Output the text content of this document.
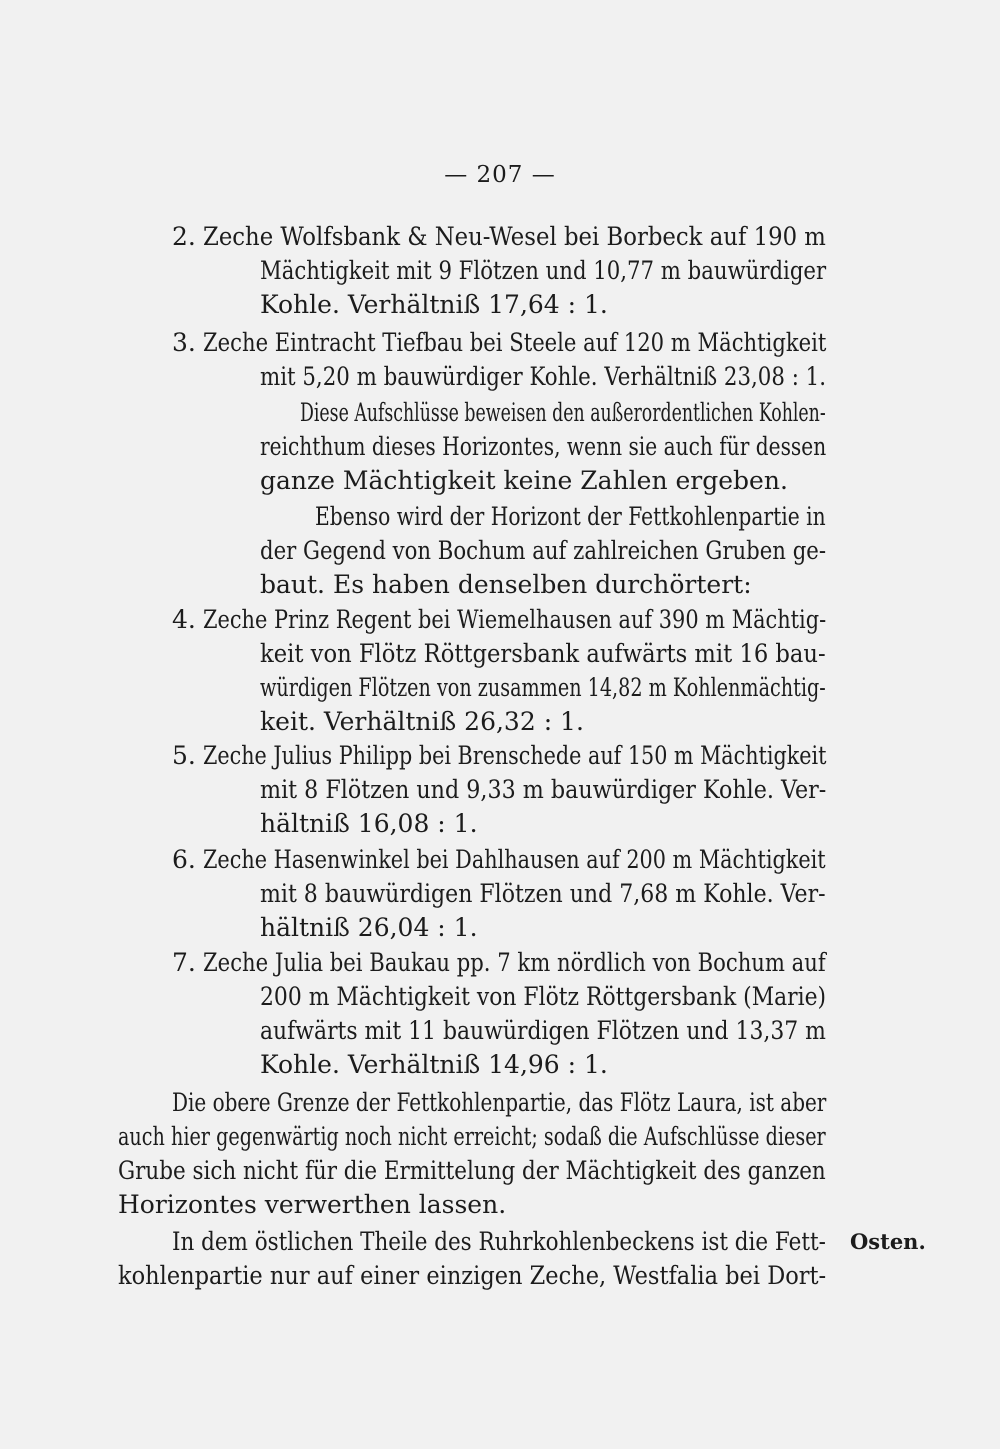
— 207 —
2. Zeche Wolfsbank & Neu-Wesel bei Borbeck auf 190 m
Mächtigkeit mit 9 Flötzen und 10,77 m bauwürdiger
Kohle. Verhältniß 17,64 : 1.
3. Zeche Eintracht Tiefbau bei Steele auf 120 m Mächtigkeit
mit 5,20 m bauwürdiger Kohle. Verhältniß 23,08 : 1.
Diese Aufschlüsse beweisen den außerordentlichen Kohlen-
reichthum dieses Horizontes, wenn sie auch für dessen
ganze Mächtigkeit keine Zahlen ergeben.
Ebenso wird der Horizont der Fettkohlenpartie in
der Gegend von Bochum auf zahlreichen Gruben ge-
baut. Es haben denselben durchörtert:
4. Zeche Prinz Regent bei Wiemelhausen auf 390 m Mächtig-
keit von Flötz Röttgersbank aufwärts mit 16 bau-
würdigen Flötzen von zusammen 14,82 m Kohlenmächtig-
keit. Verhältniß 26,32 : 1.
5. Zeche Julius Philipp bei Brenschede auf 150 m Mächtigkeit
mit 8 Flötzen und 9,33 m bauwürdiger Kohle. Ver-
hältniß 16,08 : 1.
6. Zeche Hasenwinkel bei Dahlhausen auf 200 m Mächtigkeit
mit 8 bauwürdigen Flötzen und 7,68 m Kohle. Ver-
hältniß 26,04 : 1.
7. Zeche Julia bei Baukau pp. 7 km nördlich von Bochum auf
200 m Mächtigkeit von Flötz Röttgersbank (Marie)
aufwärts mit 11 bauwürdigen Flötzen und 13,37 m
Kohle. Verhältniß 14,96 : 1.
Die obere Grenze der Fettkohlenpartie, das Flötz Laura, ist aber
auch hier gegenwärtig noch nicht erreicht; sodaß die Aufschlüsse dieser
Grube sich nicht für die Ermittelung der Mächtigkeit des ganzen
Horizontes verwerthen lassen.
In dem östlichen Theile des Ruhrkohlenbeckens ist die Fett-
kohlenpartie nur auf einer einzigen Zeche, Westfalia bei Dort-
Osten.
